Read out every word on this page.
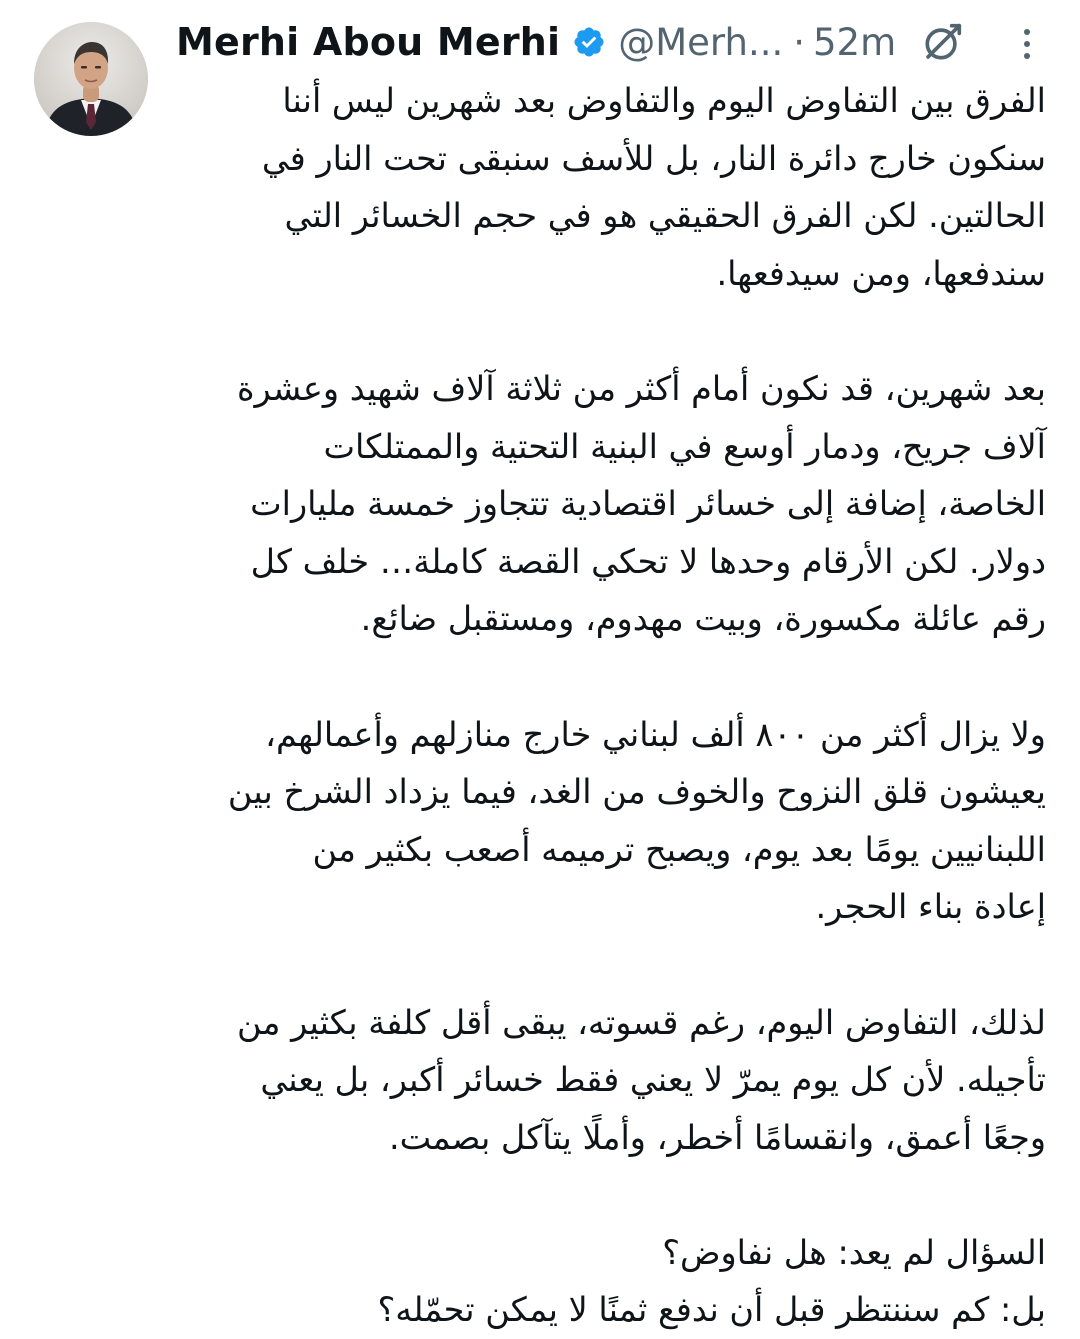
Merhi Abou Merhi @Merh... · 52m

الفرق بين التفاوض اليوم والتفاوض بعد شهرين ليس أننا
سنكون خارج دائرة النار، بل للأسف سنبقى تحت النار في
الحالتين. لكن الفرق الحقيقي هو في حجم الخسائر التي
سندفعها، ومن سيدفعها.

بعد شهرين، قد نكون أمام أكثر من ثلاثة آلاف شهيد وعشرة
آلاف جريح، ودمار أوسع في البنية التحتية والممتلكات
الخاصة، إضافة إلى خسائر اقتصادية تتجاوز خمسة مليارات
دولار. لكن الأرقام وحدها لا تحكي القصة كاملة… خلف كل
رقم عائلة مكسورة، وبيت مهدوم، ومستقبل ضائع.

ولا يزال أكثر من ٨٠٠ ألف لبناني خارج منازلهم وأعمالهم،
يعيشون قلق النزوح والخوف من الغد، فيما يزداد الشرخ بين
اللبنانيين يومًا بعد يوم، ويصبح ترميمه أصعب بكثير من
إعادة بناء الحجر.

لذلك، التفاوض اليوم، رغم قسوته، يبقى أقل كلفة بكثير من
تأجيله. لأن كل يوم يمرّ لا يعني فقط خسائر أكبر، بل يعني
وجعًا أعمق، وانقسامًا أخطر، وأملًا يتآكل بصمت.

السؤال لم يعد: هل نفاوض؟
بل: كم سننتظر قبل أن ندفع ثمنًا لا يمكن تحمّله؟
